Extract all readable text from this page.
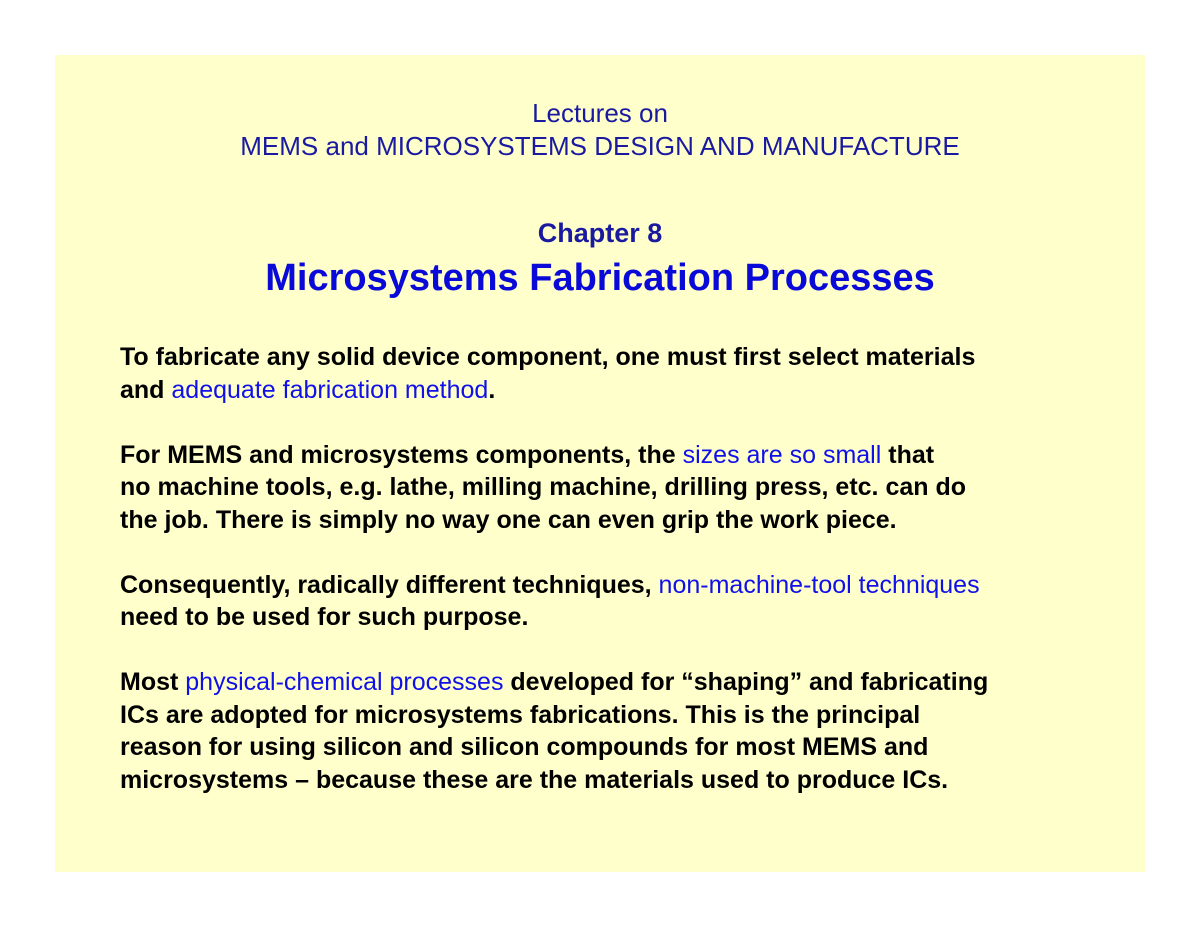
Lectures on
MEMS and MICROSYSTEMS DESIGN AND MANUFACTURE
Chapter 8
Microsystems Fabrication Processes
To fabricate any solid device component, one must first select materials
and adequate fabrication method.
For MEMS and microsystems components, the sizes are so small that
no machine tools, e.g. lathe, milling machine, drilling press, etc. can do
the job. There is simply no way one can even grip the work piece.
Consequently, radically different techniques, non-machine-tool techniques
need to be used for such purpose.
Most physical-chemical processes developed for “shaping” and fabricating
ICs are adopted for microsystems fabrications. This is the principal
reason for using silicon and silicon compounds for most MEMS and
microsystems – because these are the materials used to produce ICs.
